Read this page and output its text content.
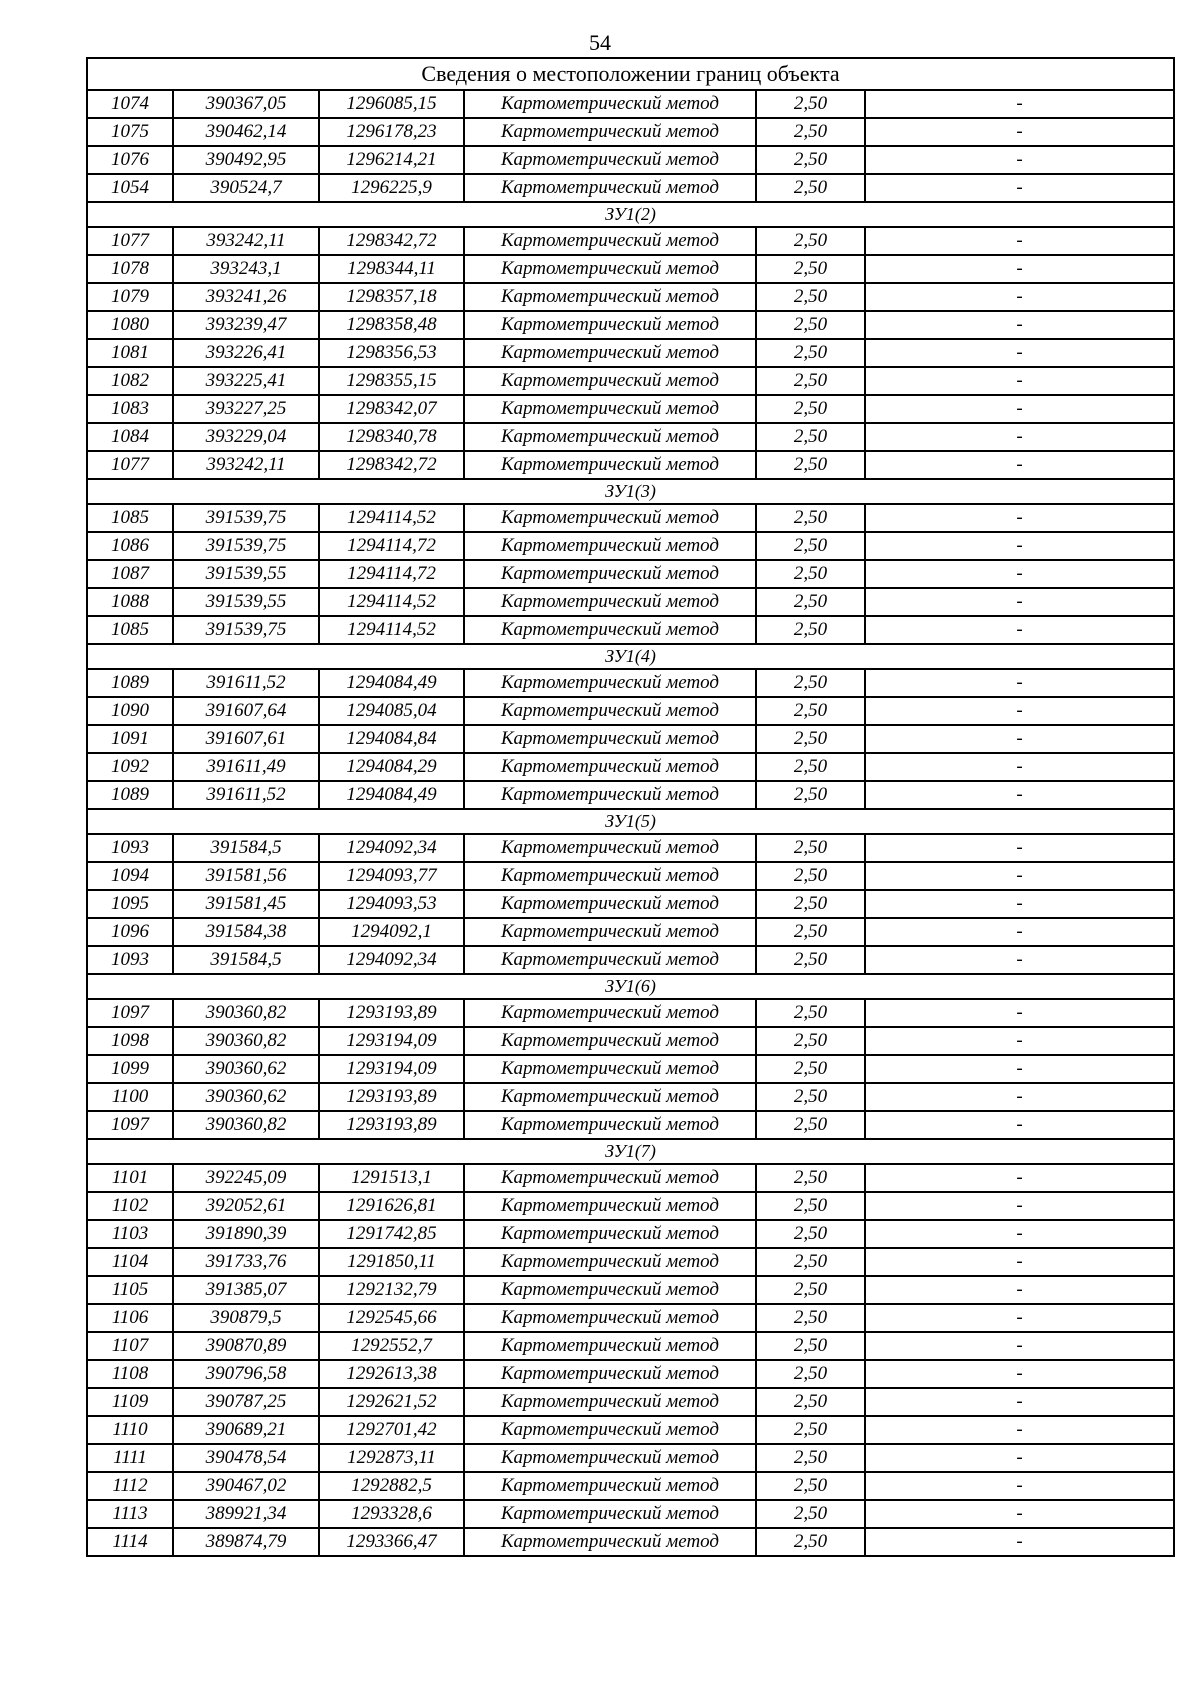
54
Сведения о местоположении границ объекта					
1074	390367,05	1296085,15	Картометрический метод	2,50	-
1075	390462,14	1296178,23	Картометрический метод	2,50	-
1076	390492,95	1296214,21	Картометрический метод	2,50	-
1054	390524,7	1296225,9	Картометрический метод	2,50	-
ЗУ1(2)					
1077	393242,11	1298342,72	Картометрический метод	2,50	-
1078	393243,1	1298344,11	Картометрический метод	2,50	-
1079	393241,26	1298357,18	Картометрический метод	2,50	-
1080	393239,47	1298358,48	Картометрический метод	2,50	-
1081	393226,41	1298356,53	Картометрический метод	2,50	-
1082	393225,41	1298355,15	Картометрический метод	2,50	-
1083	393227,25	1298342,07	Картометрический метод	2,50	-
1084	393229,04	1298340,78	Картометрический метод	2,50	-
1077	393242,11	1298342,72	Картометрический метод	2,50	-
ЗУ1(3)					
1085	391539,75	1294114,52	Картометрический метод	2,50	-
1086	391539,75	1294114,72	Картометрический метод	2,50	-
1087	391539,55	1294114,72	Картометрический метод	2,50	-
1088	391539,55	1294114,52	Картометрический метод	2,50	-
1085	391539,75	1294114,52	Картометрический метод	2,50	-
ЗУ1(4)					
1089	391611,52	1294084,49	Картометрический метод	2,50	-
1090	391607,64	1294085,04	Картометрический метод	2,50	-
1091	391607,61	1294084,84	Картометрический метод	2,50	-
1092	391611,49	1294084,29	Картометрический метод	2,50	-
1089	391611,52	1294084,49	Картометрический метод	2,50	-
ЗУ1(5)					
1093	391584,5	1294092,34	Картометрический метод	2,50	-
1094	391581,56	1294093,77	Картометрический метод	2,50	-
1095	391581,45	1294093,53	Картометрический метод	2,50	-
1096	391584,38	1294092,1	Картометрический метод	2,50	-
1093	391584,5	1294092,34	Картометрический метод	2,50	-
ЗУ1(6)					
1097	390360,82	1293193,89	Картометрический метод	2,50	-
1098	390360,82	1293194,09	Картометрический метод	2,50	-
1099	390360,62	1293194,09	Картометрический метод	2,50	-
1100	390360,62	1293193,89	Картометрический метод	2,50	-
1097	390360,82	1293193,89	Картометрический метод	2,50	-
ЗУ1(7)					
1101	392245,09	1291513,1	Картометрический метод	2,50	-
1102	392052,61	1291626,81	Картометрический метод	2,50	-
1103	391890,39	1291742,85	Картометрический метод	2,50	-
1104	391733,76	1291850,11	Картометрический метод	2,50	-
1105	391385,07	1292132,79	Картометрический метод	2,50	-
1106	390879,5	1292545,66	Картометрический метод	2,50	-
1107	390870,89	1292552,7	Картометрический метод	2,50	-
1108	390796,58	1292613,38	Картометрический метод	2,50	-
1109	390787,25	1292621,52	Картометрический метод	2,50	-
1110	390689,21	1292701,42	Картометрический метод	2,50	-
1111	390478,54	1292873,11	Картометрический метод	2,50	-
1112	390467,02	1292882,5	Картометрический метод	2,50	-
1113	389921,34	1293328,6	Картометрический метод	2,50	-
1114	389874,79	1293366,47	Картометрический метод	2,50	-
